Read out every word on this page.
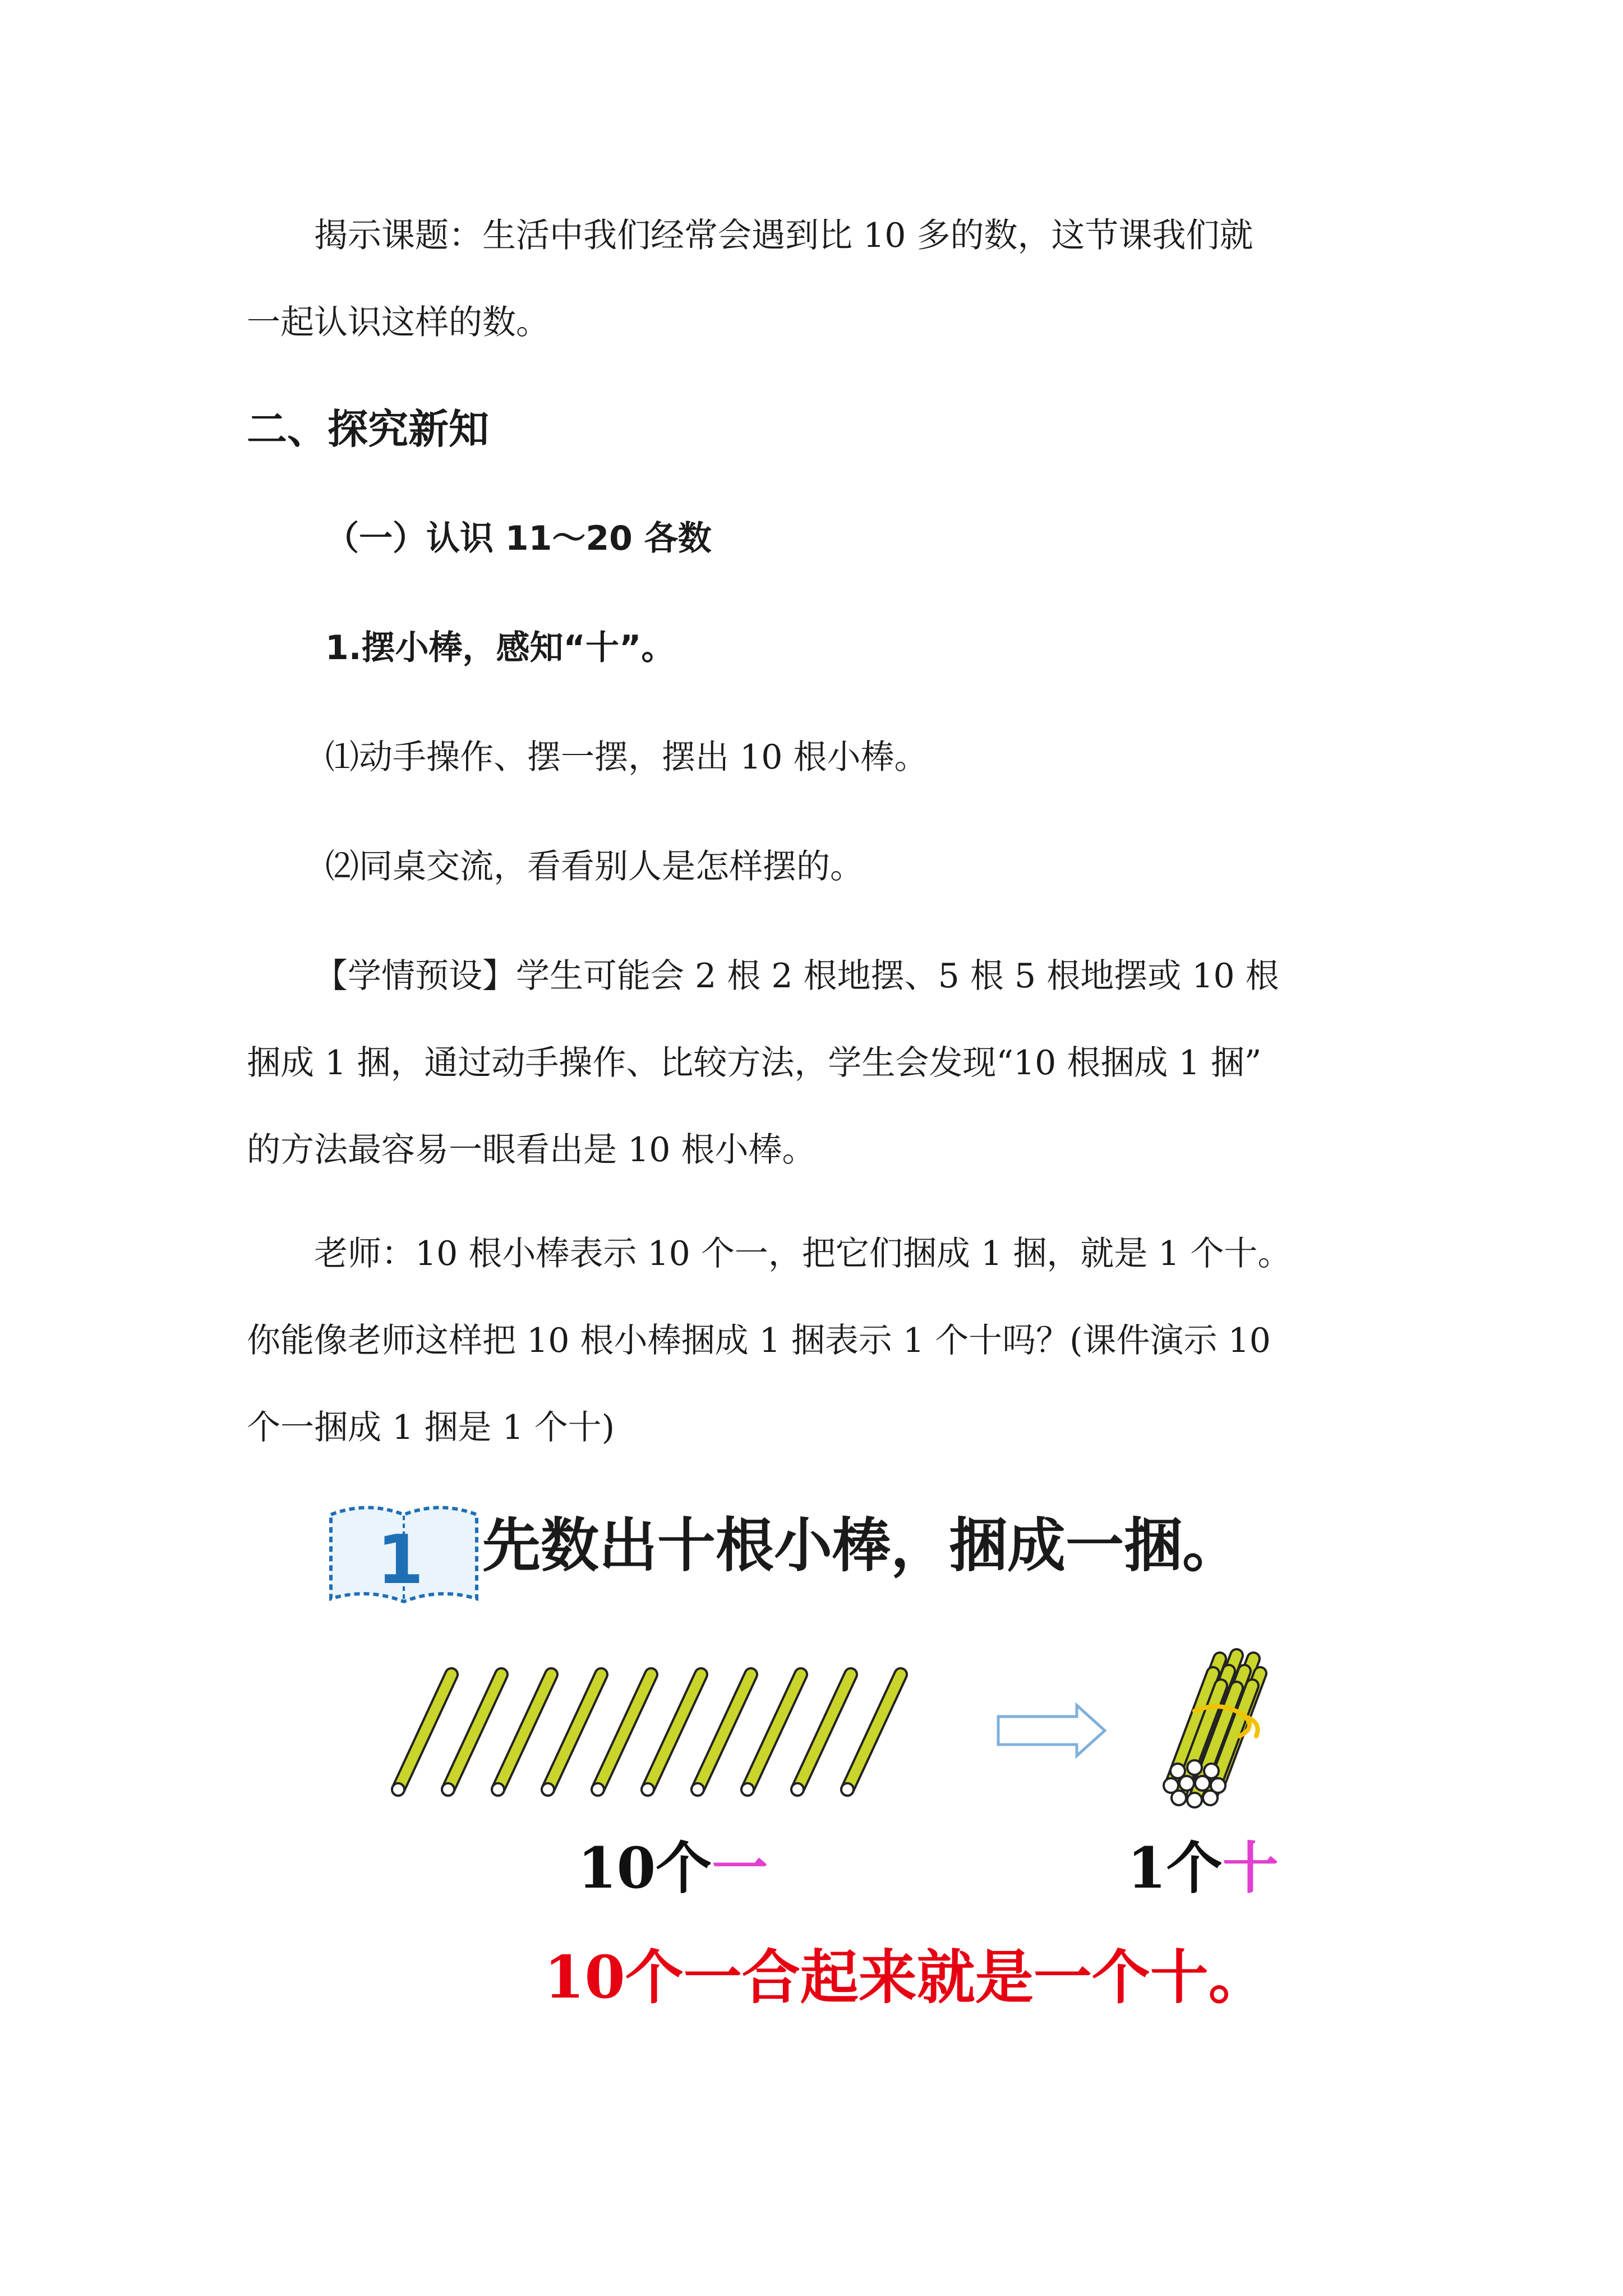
揭示课题：生活中我们经常会遇到比 10 多的数，这节课我们就
一起认识这样的数。
二、探究新知
（一）认识 11～20 各数
1.摆小棒，感知“十”。
⑴动手操作、摆一摆，摆出 10 根小棒。
⑵同桌交流，看看别人是怎样摆的。
【学情预设】学生可能会 2 根 2 根地摆、5 根 5 根地摆或 10 根
捆成 1 捆，通过动手操作、比较方法，学生会发现“10 根捆成 1 捆”
的方法最容易一眼看出是 10 根小棒。
老师：10 根小棒表示 10 个一，把它们捆成 1 捆，就是 1 个十。
你能像老师这样把 10 根小棒捆成 1 捆表示 1 个十吗？(课件演示 10
个一捆成 1 捆是 1 个十)
1 先数出十根小棒，捆成一捆。
10个一	1个十
10个一合起来就是一个十。
